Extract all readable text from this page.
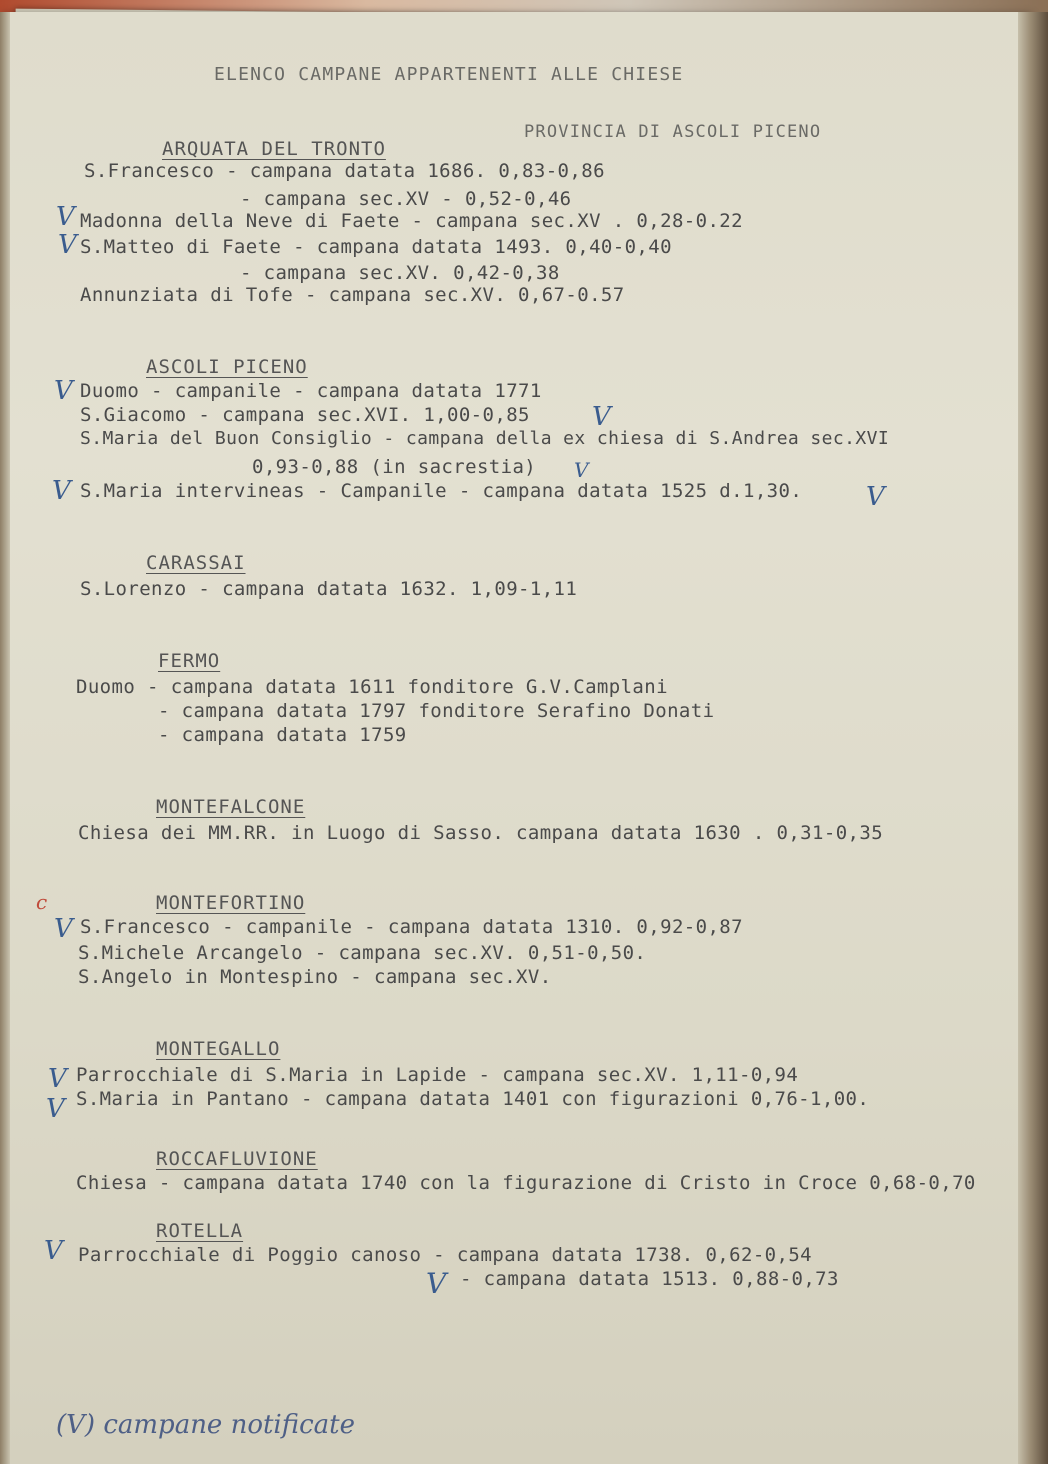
ELENCO CAMPANE APPARTENENTI ALLE CHIESE
PROVINCIA DI ASCOLI PICENO
ARQUATA DEL TRONTO
S.Francesco - campana datata 1686. 0,83-0,86
- campana sec.XV - 0,52-0,46
Madonna della Neve di Faete - campana sec.XV . 0,28-0.22
S.Matteo di Faete - campana datata 1493. 0,40-0,40
- campana sec.XV. 0,42-0,38
Annunziata di Tofe - campana sec.XV. 0,67-0.57
ASCOLI PICENO
Duomo - campanile - campana datata 1771
S.Giacomo - campana sec.XVI. 1,00-0,85
S.Maria del Buon Consiglio - campana della ex chiesa di S.Andrea sec.XVI
0,93-0,88 (in sacrestia)
S.Maria intervineas - Campanile - campana datata 1525 d.1,30.
CARASSAI
S.Lorenzo - campana datata 1632. 1,09-1,11
FERMO
Duomo - campana datata 1611 fonditore G.V.Camplani
- campana datata 1797 fonditore Serafino Donati
- campana datata 1759
MONTEFALCONE
Chiesa dei MM.RR. in Luogo di Sasso. campana datata 1630 . 0,31-0,35
MONTEFORTINO
S.Francesco - campanile - campana datata 1310. 0,92-0,87
S.Michele Arcangelo - campana sec.XV. 0,51-0,50.
S.Angelo in Montespino - campana sec.XV.
MONTEGALLO
Parrocchiale di S.Maria in Lapide - campana sec.XV. 1,11-0,94
S.Maria in Pantano - campana datata 1401 con figurazioni 0,76-1,00.
ROCCAFLUVIONE
Chiesa - campana datata 1740 con la figurazione di Cristo in Croce 0,68-0,70
ROTELLA
Parrocchiale di Poggio canoso - campana datata 1738. 0,62-0,54
- campana datata 1513. 0,88-0,73
V
V
V
V
V
V	V
c
V
V
V
V
V
(V) campane notificate
